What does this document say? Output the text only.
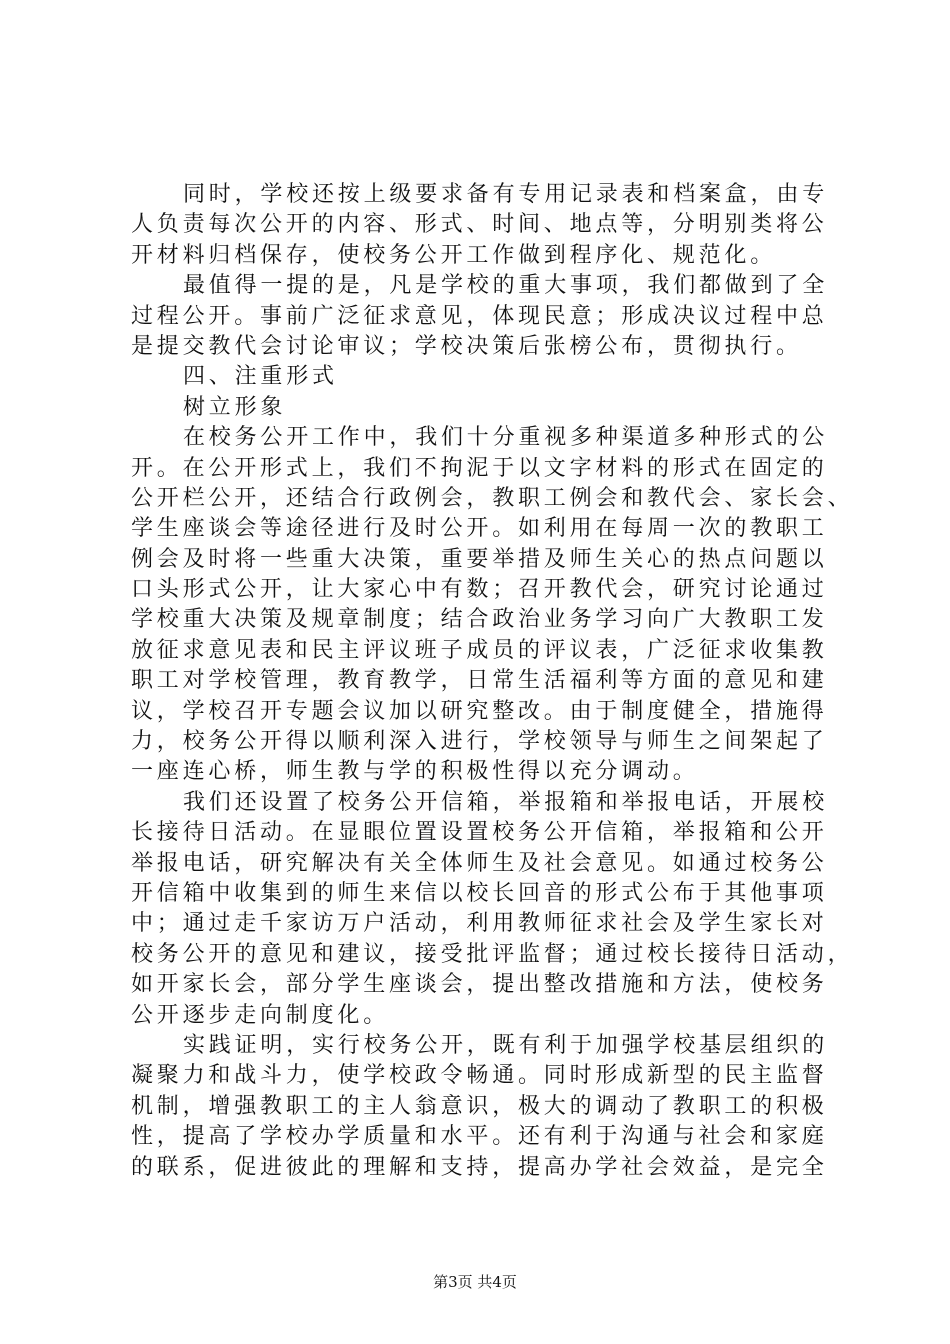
同时，学校还按上级要求备有专用记录表和档案盒，由专
人负责每次公开的内容、形式、时间、地点等，分明别类将公
开材料归档保存，使校务公开工作做到程序化、规范化。
最值得一提的是，凡是学校的重大事项，我们都做到了全
过程公开。事前广泛征求意见，体现民意；形成决议过程中总
是提交教代会讨论审议；学校决策后张榜公布，贯彻执行。
四、注重形式
树立形象
在校务公开工作中，我们十分重视多种渠道多种形式的公
开。在公开形式上，我们不拘泥于以文字材料的形式在固定的
公开栏公开，还结合行政例会，教职工例会和教代会、家长会、
学生座谈会等途径进行及时公开。如利用在每周一次的教职工
例会及时将一些重大决策，重要举措及师生关心的热点问题以
口头形式公开，让大家心中有数；召开教代会，研究讨论通过
学校重大决策及规章制度；结合政治业务学习向广大教职工发
放征求意见表和民主评议班子成员的评议表，广泛征求收集教
职工对学校管理，教育教学，日常生活福利等方面的意见和建
议，学校召开专题会议加以研究整改。由于制度健全，措施得
力，校务公开得以顺利深入进行，学校领导与师生之间架起了
一座连心桥，师生教与学的积极性得以充分调动。
我们还设置了校务公开信箱，举报箱和举报电话，开展校
长接待日活动。在显眼位置设置校务公开信箱，举报箱和公开
举报电话，研究解决有关全体师生及社会意见。如通过校务公
开信箱中收集到的师生来信以校长回音的形式公布于其他事项
中；通过走千家访万户活动，利用教师征求社会及学生家长对
校务公开的意见和建议，接受批评监督；通过校长接待日活动，
如开家长会，部分学生座谈会，提出整改措施和方法，使校务
公开逐步走向制度化。
实践证明，实行校务公开，既有利于加强学校基层组织的
凝聚力和战斗力，使学校政令畅通。同时形成新型的民主监督
机制，增强教职工的主人翁意识，极大的调动了教职工的积极
性，提高了学校办学质量和水平。还有利于沟通与社会和家庭
的联系，促进彼此的理解和支持，提高办学社会效益，是完全
第3页 共4页
